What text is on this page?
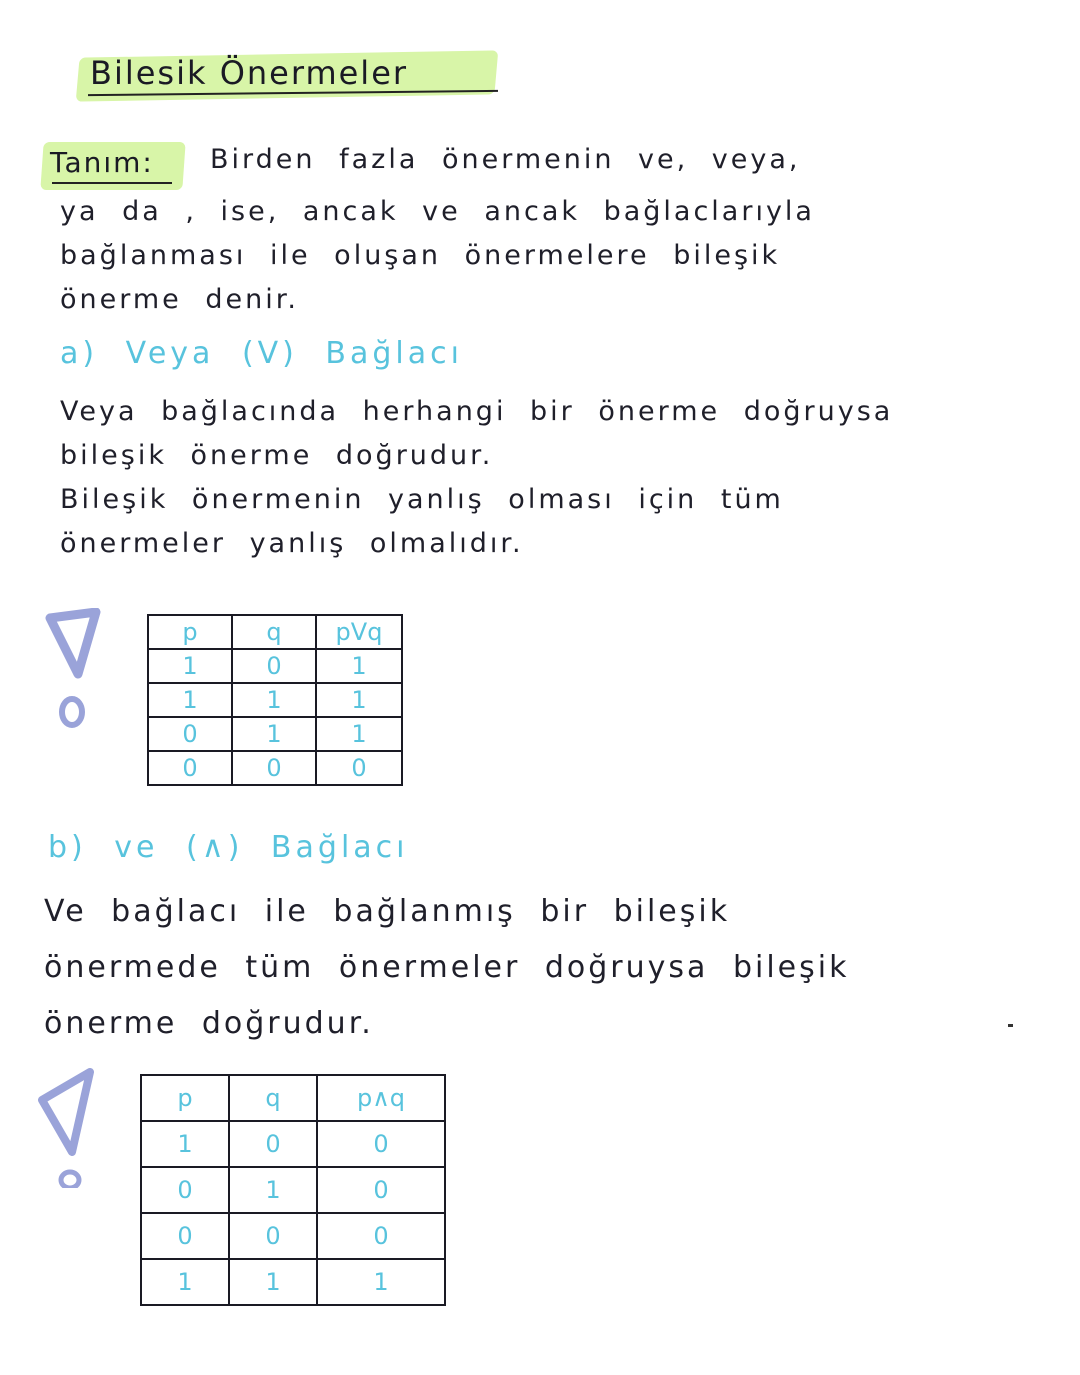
Bilesik Önermeler
Tanım: Birden fazla önermenin ve, veya,
ya da , ise, ancak ve ancak bağlaclarıyla
bağlanması ile oluşan önermelere bileşik
önerme denir.
a) Veya (V) Bağlacı
Veya bağlacında herhangi bir önerme doğruysa
bileşik önerme doğrudur.
Bileşik önermenin yanlış olması için tüm
önermeler yanlış olmalıdır.
p	q	pVq
1	0	1
1	1	1
0	1	1
0	0	0
b) ve (∧) Bağlacı
Ve bağlacı ile bağlanmış bir bileşik
önermede tüm önermeler doğruysa bileşik
önerme doğrudur.
p	q	p∧q
1	0	0
0	1	0
0	0	0
1	1	1
